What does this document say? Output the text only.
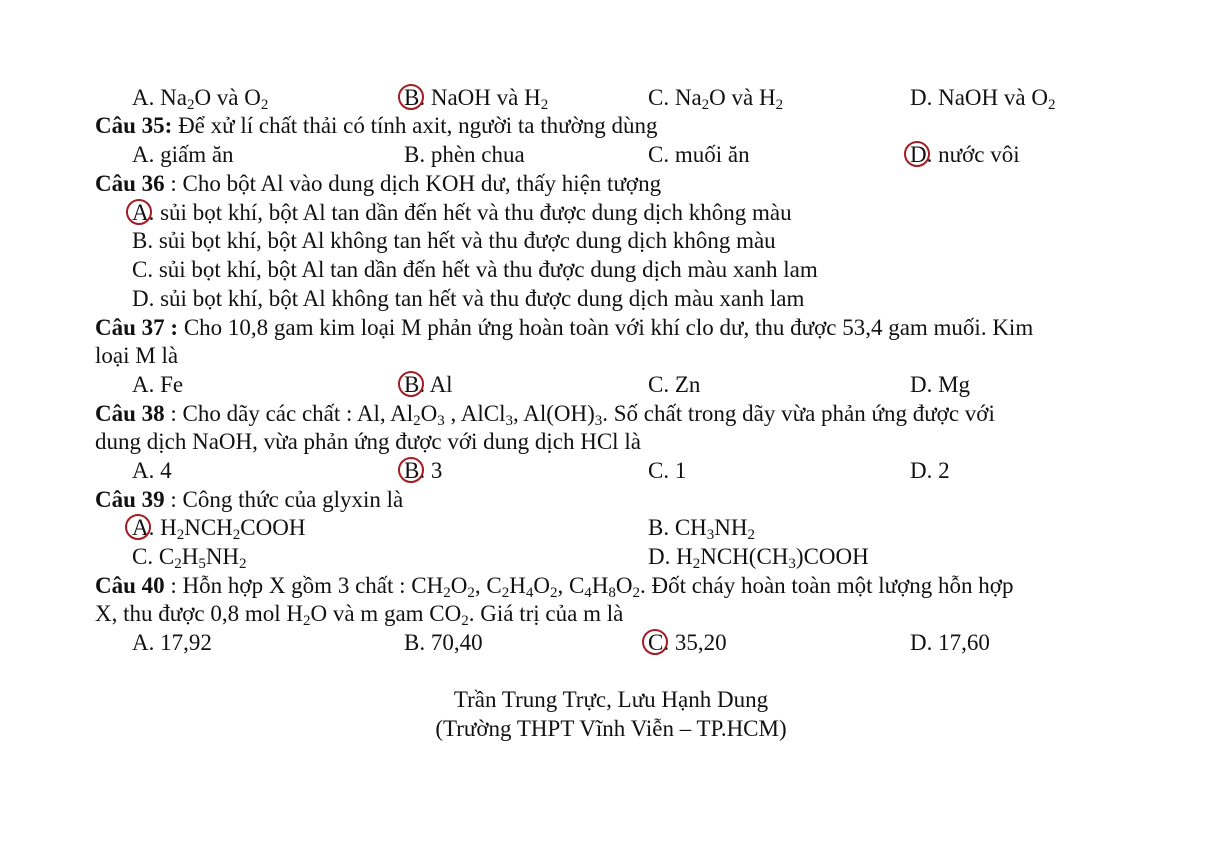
A. Na2O và O2	B. NaOH và H2	C. Na2O và H2	D. NaOH và O2
Câu 35: Để xử lí chất thải có tính axit, người ta thường dùng
A. giấm ăn	B. phèn chua	C. muối ăn	D. nước vôi
Câu 36 : Cho bột Al vào dung dịch KOH dư, thấy hiện tượng
A. sủi bọt khí, bột Al tan dần đến hết và thu được dung dịch không màu
B. sủi bọt khí, bột Al không tan hết và thu được dung dịch không màu
C. sủi bọt khí, bột Al tan dần đến hết và thu được dung dịch màu xanh lam
D. sủi bọt khí, bột Al không tan hết và thu được dung dịch màu xanh lam
Câu 37 : Cho 10,8 gam kim loại M phản ứng hoàn toàn với khí clo dư, thu được 53,4 gam muối. Kim
loại M là
A. Fe	B. Al	C. Zn	D. Mg
Câu 38 : Cho dãy các chất : Al, Al2O3 , AlCl3, Al(OH)3. Số chất trong dãy vừa phản ứng được với
dung dịch NaOH, vừa phản ứng được với dung dịch HCl là
A. 4	B. 3	C. 1	D. 2
Câu 39 : Công thức của glyxin là
A. H2NCH2COOH	B. CH3NH2
C. C2H5NH2	D. H2NCH(CH3)COOH
Câu 40 : Hỗn hợp X gồm 3 chất : CH2O2, C2H4O2, C4H8O2. Đốt cháy hoàn toàn một lượng hỗn hợp
X, thu được 0,8 mol H2O và m gam CO2. Giá trị của m là
A. 17,92	B. 70,40	C. 35,20	D. 17,60
Trần Trung Trực, Lưu Hạnh Dung
(Trường THPT Vĩnh Viễn – TP.HCM)
